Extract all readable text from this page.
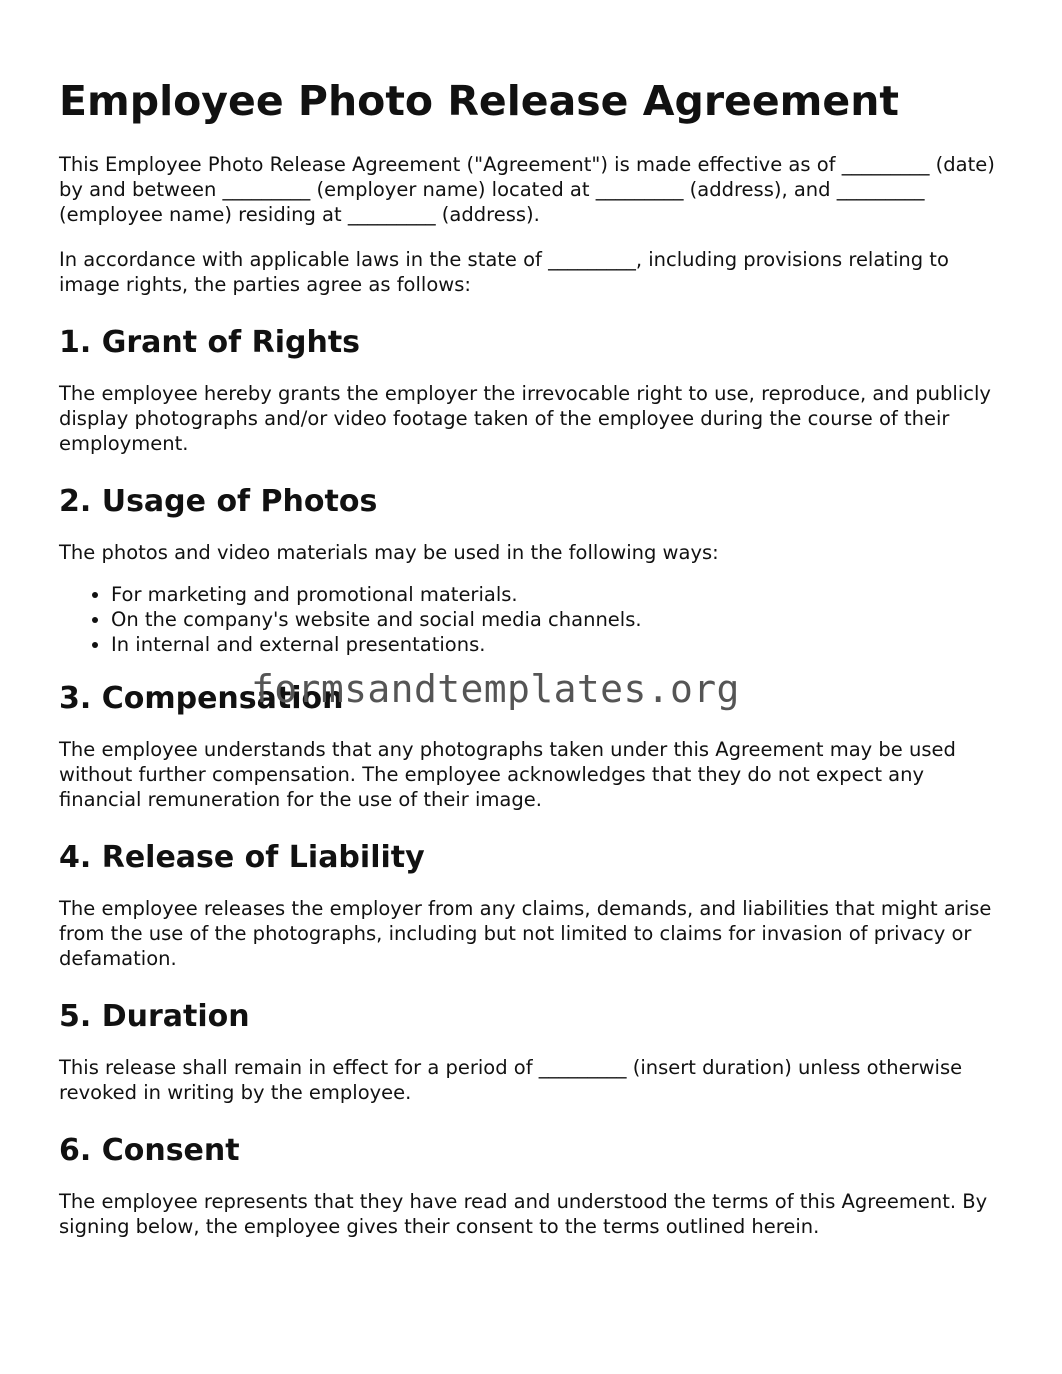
Employee Photo Release Agreement

This Employee Photo Release Agreement ("Agreement") is made effective as of _________ (date) by and between _________ (employer name) located at _________ (address), and _________ (employee name) residing at _________ (address).

In accordance with applicable laws in the state of _________, including provisions relating to image rights, the parties agree as follows:

1. Grant of Rights

The employee hereby grants the employer the irrevocable right to use, reproduce, and publicly display photographs and/or video footage taken of the employee during the course of their employment.

2. Usage of Photos

The photos and video materials may be used in the following ways:

• For marketing and promotional materials.
• On the company's website and social media channels.
• In internal and external presentations.
3. Compensation

The employee understands that any photographs taken under this Agreement may be used without further compensation. The employee acknowledges that they do not expect any financial remuneration for the use of their image.

4. Release of Liability

The employee releases the employer from any claims, demands, and liabilities that might arise from the use of the photographs, including but not limited to claims for invasion of privacy or defamation.

5. Duration

This release shall remain in effect for a period of _________ (insert duration) unless otherwise revoked in writing by the employee.

6. Consent

The employee represents that they have read and understood the terms of this Agreement. By signing below, the employee gives their consent to the terms outlined herein.

formsandtemplates.org
